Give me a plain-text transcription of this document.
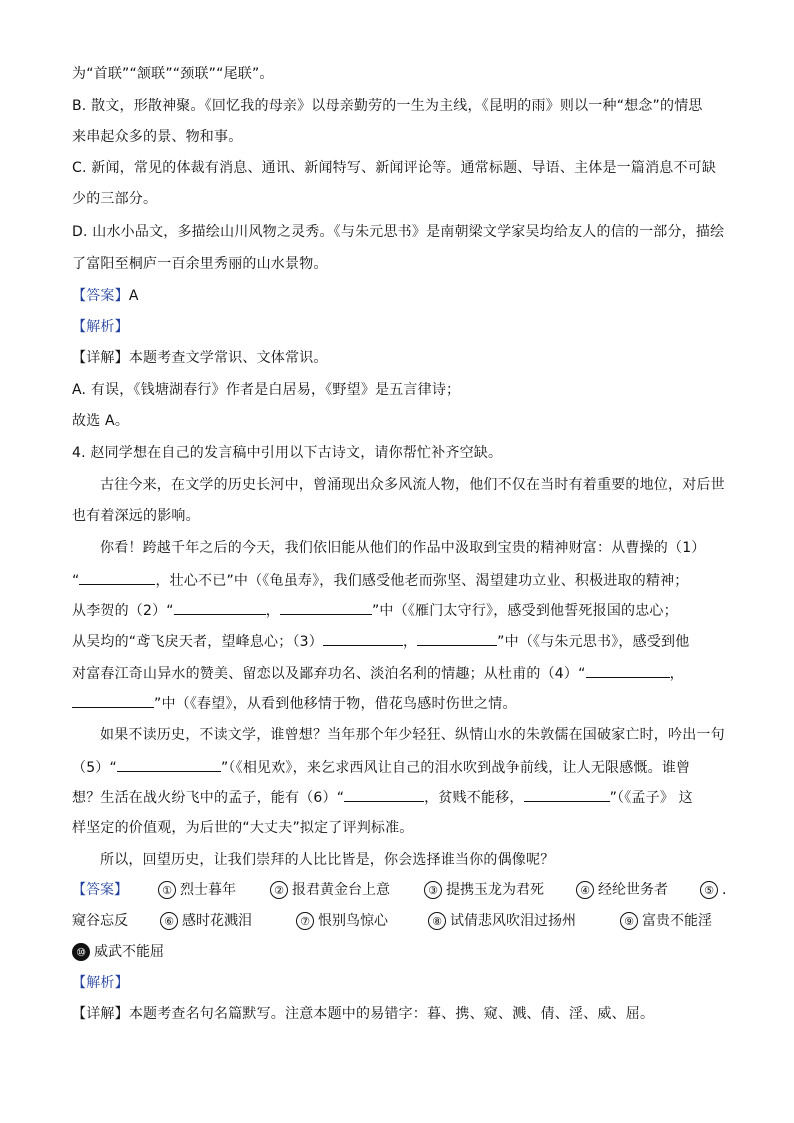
为“首联”“颔联”“颈联”“尾联”。
B. 散文，形散神聚。《回忆我的母亲》以母亲勤劳的一生为主线，《昆明的雨》则以一种“想念”的情思
来串起众多的景、物和事。
C. 新闻，常见的体裁有消息、通讯、新闻特写、新闻评论等。通常标题、导语、主体是一篇消息不可缺
少的三部分。
D. 山水小品文，多描绘山川风物之灵秀。《与朱元思书》是南朝梁文学家吴均给友人的信的一部分，描绘
了富阳至桐庐一百余里秀丽的山水景物。
【答案】A
【解析】
【详解】本题考查文学常识、文体常识。
A. 有误，《钱塘湖春行》作者是白居易，《野望》是五言律诗；
故选 A。
4. 赵同学想在自己的发言稿中引用以下古诗文，请你帮忙补齐空缺。
古往今来，在文学的历史长河中，曾涌现出众多风流人物，他们不仅在当时有着重要的地位，对后世
也有着深远的影响。
你看！跨越千年之后的今天，我们依旧能从他们的作品中汲取到宝贵的精神财富：从曹操的（1）
“	，壮心不已”中（《龟虽寿》，我们感受他老而弥坚、渴望建功立业、积极进取的精神；
从李贺的（2）“	，	”中（《雁门太守行》，感受到他誓死报国的忠心；
从吴均的“鸢飞戾天者，望峰息心；（3）	，	”中（《与朱元思书》，感受到他
对富春江奇山异水的赞美、留恋以及鄙弃功名、淡泊名利的情趣；从杜甫的（4）“	，
”中（《春望》，从看到他移情于物，借花鸟感时伤世之情。
如果不读历史，不读文学，谁曾想？当年那个年少轻狂、纵情山水的朱敦儒在国破家亡时，吟出一句
（5）“	”（《相见欢》，来乞求西风让自己的泪水吹到战争前线，让人无限感慨。谁曾
想？生活在战火纷飞中的孟子，能有（6）“	，贫贱不能移，	”（《孟子》 这
样坚定的价值观，为后世的“大丈夫”拟定了评判标准。
所以，回望历史，让我们崇拜的人比比皆是，你会选择谁当你的偶像呢？
【答案】	① 烈士暮年	② 报君黄金台上意	③ 提携玉龙为君死	④ 经纶世务者	⑤ .
窥谷忘反	⑥ 感时花溅泪	⑦ 恨别鸟惊心	⑧ 试倩悲风吹泪过扬州	⑨ 富贵不能淫
⑩ 威武不能屈
【解析】
【详解】本题考查名句名篇默写。注意本题中的易错字：暮、携、窥、溅、倩、淫、威、屈。
